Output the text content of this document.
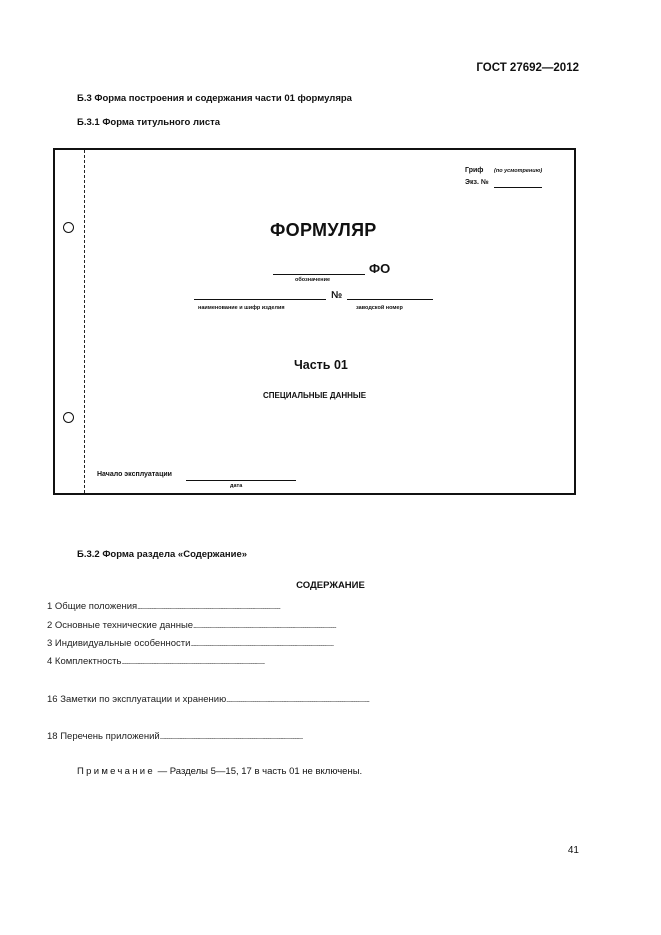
ГОСТ 27692—2012
Б.3 Форма построения и содержания части 01 формуляра
Б.3.1 Форма титульного листа
Гриф (по усмотрению)
Экз. №
ФОРМУЛЯР
ФО
обозначение
№
наименование и шифр изделия	заводской номер
Часть 01
СПЕЦИАЛЬНЫЕ ДАННЫЕ
Начало эксплуатации
дата
Б.3.2 Форма раздела «Содержание»
СОДЕРЖАНИЕ
1 Общие положения
. . .
2 Основные технические данные
. . .
3 Индивидуальные особенности
. . .
4 Комплектность
. . .
16 Заметки по эксплуатации и хранению
. . .
18 Перечень приложений
. . .
Примечание — Разделы 5—15, 17 в часть 01 не включены.
41
